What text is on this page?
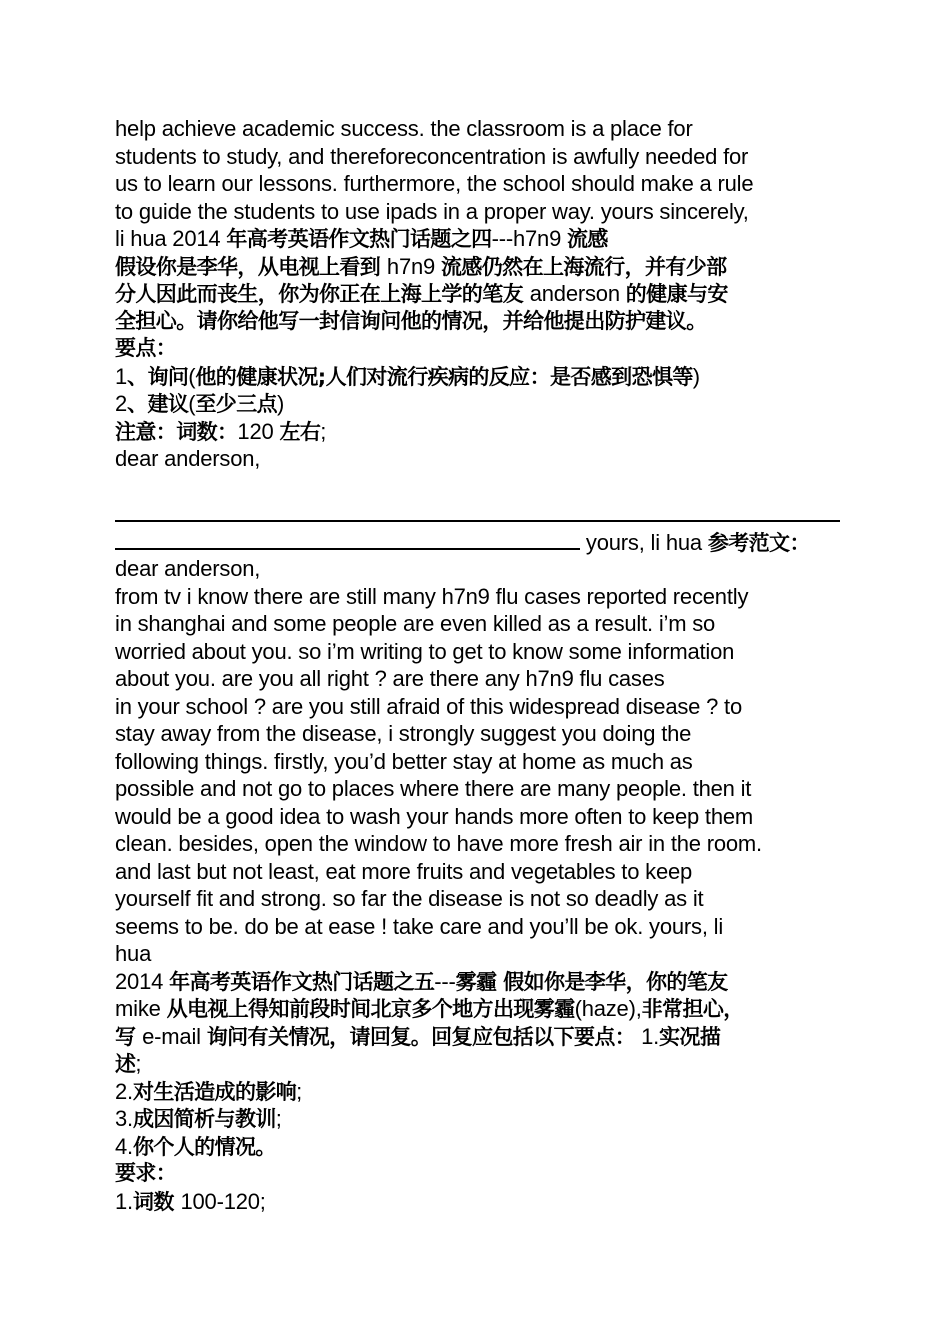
help achieve academic success. the classroom is a place for
students to study, and thereforeconcentration is awfully needed for
us to learn our lessons. furthermore, the school should make a rule
to guide the students to use ipads in a proper way. yours sincerely,
li hua 2014 年高考英语作文热门话题之四---h7n9 流感
假设你是李华，从电视上看到 h7n9 流感仍然在上海流行，并有少部
分人因此而丧生，你为你正在上海上学的笔友 anderson 的健康与安
全担心。请你给他写一封信询问他的情况，并给他提出防护建议。
要点：
1、询问(他的健康状况;人们对流行疾病的反应：是否感到恐惧等)
2、建议(至少三点)
注意：词数：120 左右;
dear anderson,
yours, li hua 参考范文：
dear anderson,
from tv i know there are still many h7n9 flu cases reported recently
in shanghai and some people are even killed as a result. i’m so
worried about you. so i’m writing to get to know some information
about you. are you all right ? are there any h7n9 flu cases
in your school ? are you still afraid of this widespread disease ? to
stay away from the disease, i strongly suggest you doing the
following things. firstly, you’d better stay at home as much as
possible and not go to places where there are many people. then it
would be a good idea to wash your hands more often to keep them
clean. besides, open the window to have more fresh air in the room.
and last but not least, eat more fruits and vegetables to keep
yourself fit and strong. so far the disease is not so deadly as it
seems to be. do be at ease ! take care and you’ll be ok. yours, li
hua
2014 年高考英语作文热门话题之五---雾霾 假如你是李华，你的笔友
mike 从电视上得知前段时间北京多个地方出现雾霾(haze),非常担心，
写 e-mail 询问有关情况，请回复。回复应包括以下要点： 1.实况描
述;
2.对生活造成的影响;
3.成因简析与教训;
4.你个人的情况。
要求：
1.词数 100-120;
